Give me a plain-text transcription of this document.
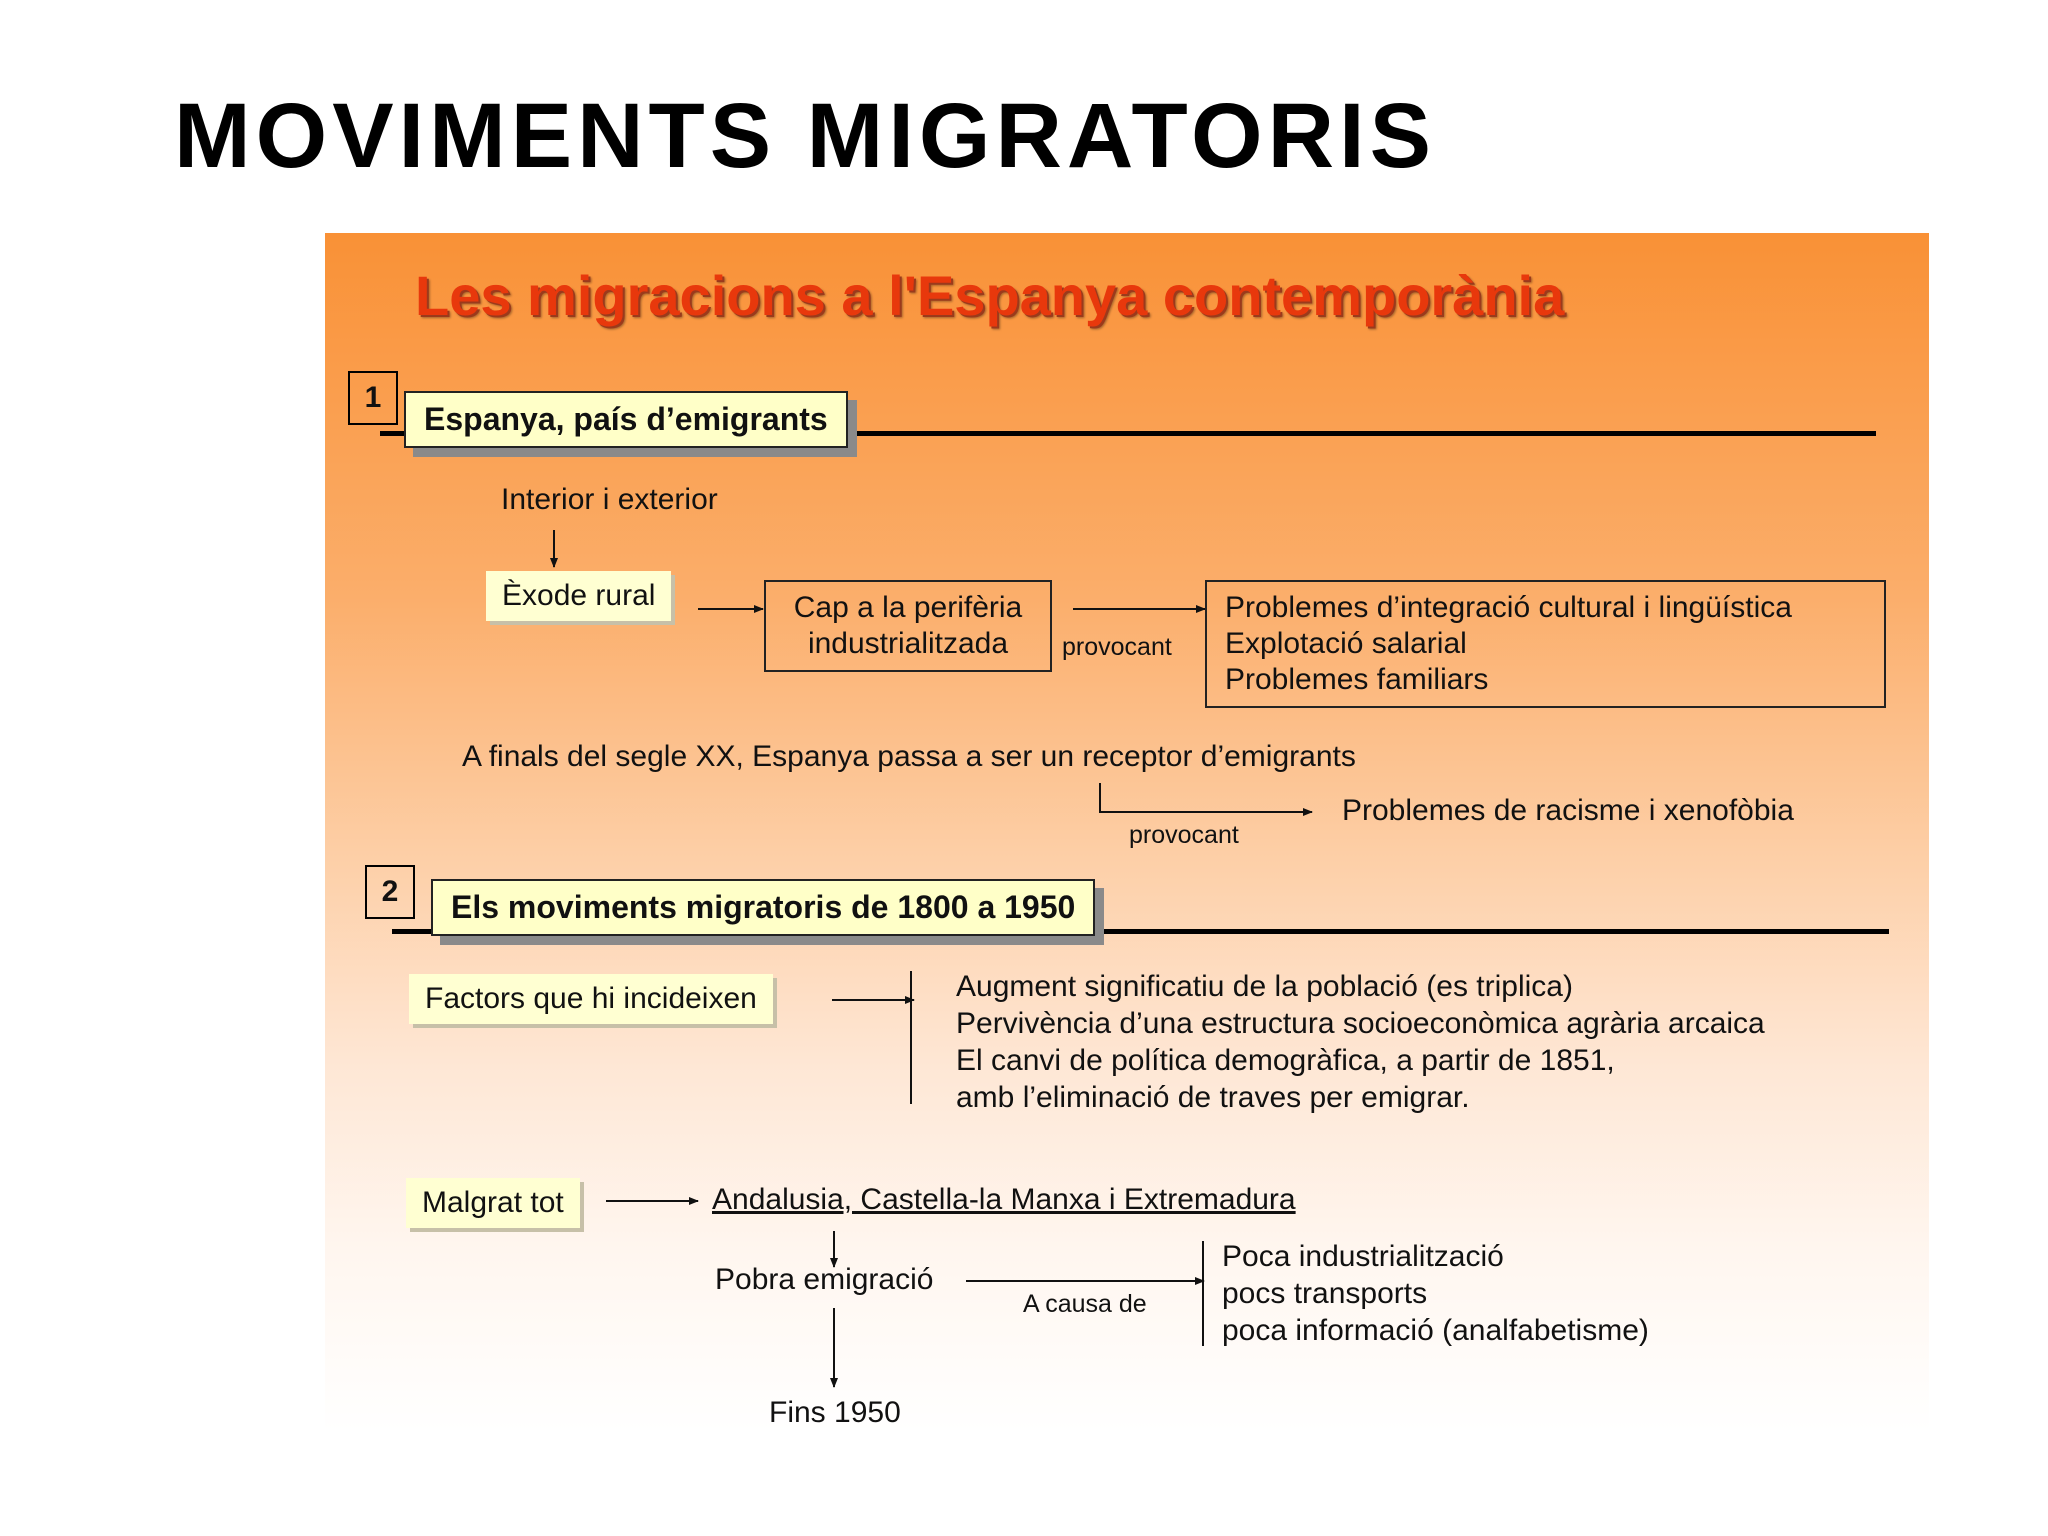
MOVIMENTS MIGRATORIS
Les migracions a l'Espanya contemporània
1
Espanya, país d’emigrants
Interior i exterior
Èxode rural	Cap a la perifèria
industrialitzada	provocant
Problemes d’integració cultural i lingüística
Explotació salarial
Problemes familiars
A finals del segle XX, Espanya passa a ser un receptor d’emigrants
provocant
Problemes de racisme i xenofòbia
2	Els moviments migratoris de 1800 a 1950
Factors que hi incideixen	Augment significatiu de la població (es triplica)
Pervivència d’una estructura socioeconòmica agrària arcaica
El canvi de política demogràfica, a partir de 1851,
amb l’eliminació de traves per emigrar.
Malgrat tot	Andalusia, Castella-la Manxa i Extremadura
Pobra emigració
A causa de
Poca industrialització
pocs transports
poca informació (analfabetisme)
Fins 1950
